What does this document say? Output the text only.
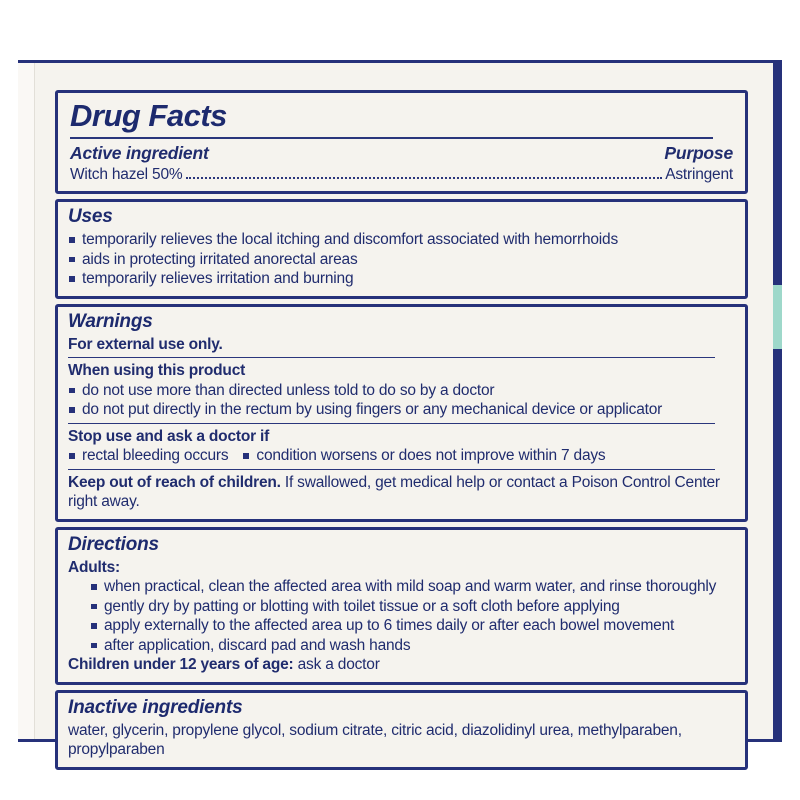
Drug Facts
Active ingredient	Purpose
Witch hazel 50%	Astringent
Uses
temporarily relieves the local itching and discomfort associated with hemorrhoids
aids in protecting irritated anorectal areas
temporarily relieves irritation and burning
Warnings

For external use only.

When using this product

do not use more than directed unless told to do so by a doctor
do not put directly in the rectum by using fingers or any mechanical device or applicator

Stop use and ask a doctor if

rectal bleeding occurs	condition worsens or does not improve within 7 days

Keep out of reach of children. If swallowed, get medical help or contact a Poison Control Center right away.

Directions

Adults:

when practical, clean the affected area with mild soap and warm water, and rinse thoroughly
gently dry by patting or blotting with toilet tissue or a soft cloth before applying
apply externally to the affected area up to 6 times daily or after each bowel movement
after application, discard pad and wash hands

Children under 12 years of age: ask a doctor

Inactive ingredients

water, glycerin, propylene glycol, sodium citrate, citric acid, diazolidinyl urea, methylparaben, propylparaben
